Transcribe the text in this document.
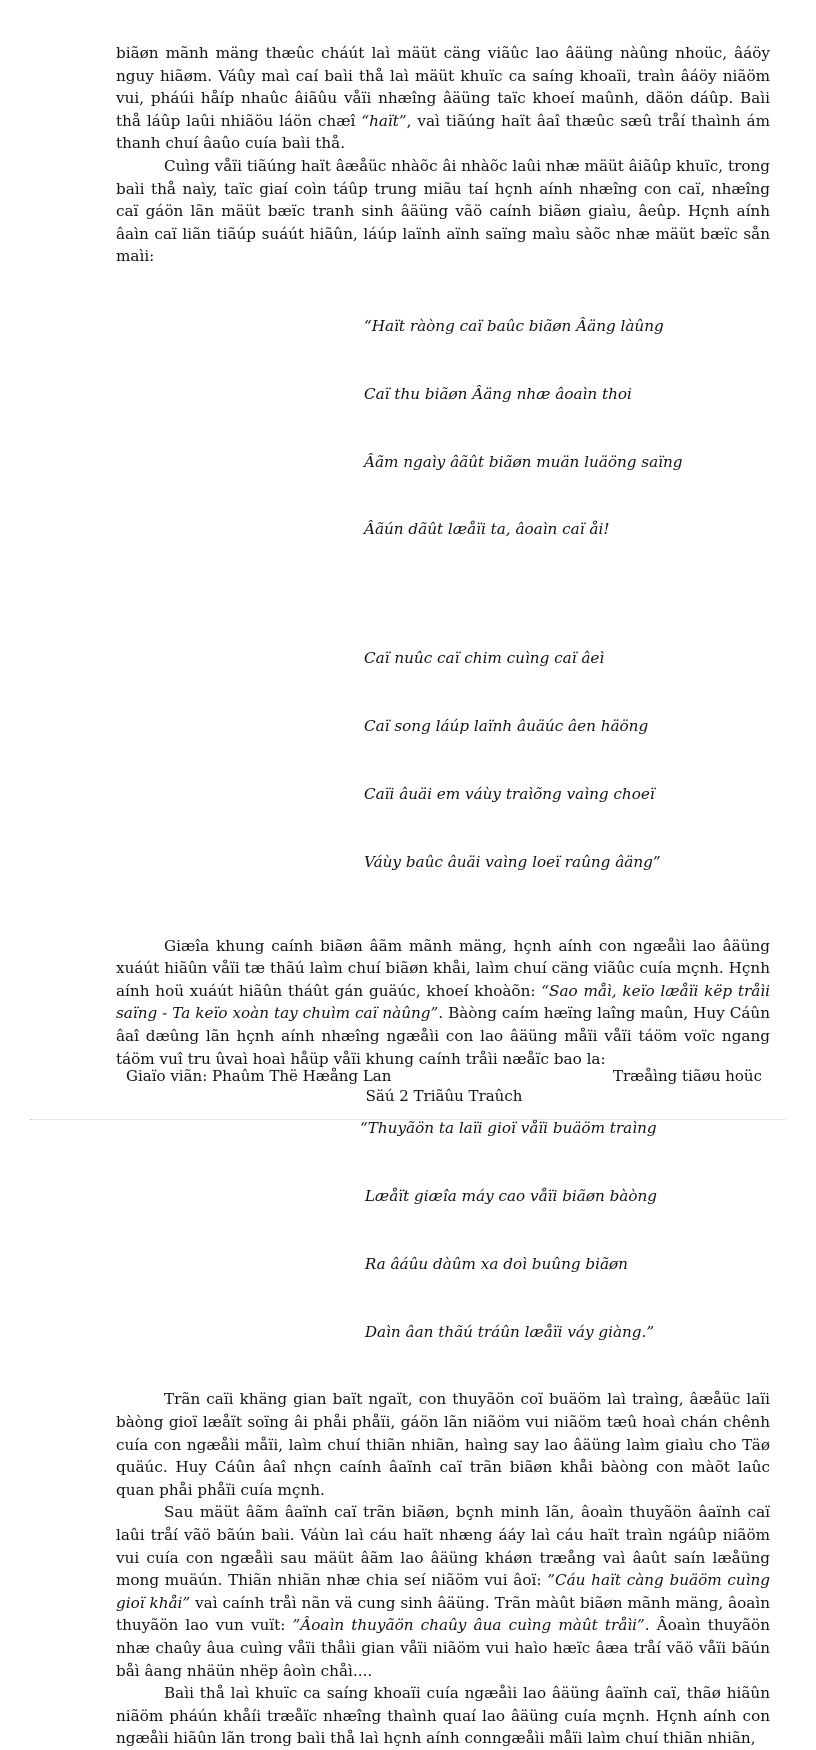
biãøn mãnh mäng thæûc cháút laì mäüt cäng viãûc lao âäüng nàûng nhoüc, âáöy nguy hiãøm. Váûy maì caí baìi thå laì mäüt khuïc ca saíng khoaïi, traìn âáöy niãöm vui, pháúi håíp nhaûc âiãûu våïi nhæîng âäüng taïc khoeí maûnh, dãön dáûp. Baìi thå láûp laûi nhiãöu láön chæî “haït”, vaì tiãúng haït âaî thæûc sæû tråí thaình ám thanh chuí âaûo cuía baìi thå.

Cuìng våïi tiãúng haït âæåüc nhàõc âi nhàõc laûi nhæ mäüt âiãûp khuïc, trong baìi thå naìy, taïc giaí coìn táûp trung miãu taí hçnh aính nhæîng con caï, nhæîng caï gáön lãn mäüt bæïc tranh sinh âäüng vãö caính biãøn giaìu, âeûp. Hçnh aính âaìn caï liãn tiãúp suáút hiãûn, láúp laïnh aïnh saïng maìu sàõc nhæ mäüt bæïc sån maìi:

“Haït ràòng caï baûc biãøn Âäng làûng

Caï thu biãøn Âäng nhæ âoaìn thoi

Âãm ngaìy âãût biãøn muän luäöng saïng

Âãún dãût læåïi ta, âoaìn caï åi!

Caï nuûc caï chim cuìng caï âeì

Caï song láúp laïnh âuäúc âen häöng

Caïi âuäi em váùy traìõng vaìng choeï

Váùy baûc âuäi vaìng loeï raûng âäng”

Giæîa khung caính biãøn âãm mãnh mäng, hçnh aính con ngæåìi lao âäüng xuáút hiãûn våïi tæ thãú laìm chuí biãøn khåi, laìm chuí cäng viãûc cuía mçnh. Hçnh aính hoü xuáút hiãûn tháût gán guäúc, khoeí khoàõn: “Sao måì, keïo læåïi këp tråìi saïng - Ta keïo xoàn tay chuìm caï nàûng”. Bàòng caím hæïng laîng maûn, Huy Cáûn âaî dæûng lãn hçnh aính nhæîng ngæåìi con lao âäüng måïi våïi táöm voïc ngang táöm vuî tru ûvaì hoaì håüp våïi khung caính tråìi næåïc bao la:

“Thuyãön ta laïi gioï våïi buäöm traìng

Læåït giæîa máy cao våïi biãøn bàòng

Ra âáûu dàûm xa doì buûng biãøn

Daìn âan thãú tráûn læåïi váy giàng.”

Trãn caïi khäng gian baït ngaït, con thuyãön coï buäöm laì traìng, âæåüc laïi bàòng gioï læåït soïng âi phåi phåïi, gáön lãn niãöm vui niãöm tæû hoaì chán chênh cuía con ngæåìi måïi, laìm chuí thiãn nhiãn, haìng say lao âäüng laìm giaìu cho Täø quäúc. Huy Cáûn âaî nhçn caính âaïnh caï trãn biãøn khåi bàòng con màõt laûc quan phåi phåïi cuía mçnh.

Sau mäüt âãm âaïnh caï trãn biãøn, bçnh minh lãn, âoaìn thuyãön âaïnh caï laûi tråí vãö bãún baìi. Váùn laì cáu haït nhæng ááy laì cáu haït traìn ngáûp niãöm vui cuía con ngæåìi sau mäüt âãm lao âäüng kháøn træång vaì âaût saín læåüng mong muäún. Thiãn nhiãn nhæ chia seí niãöm vui âoï: ”Cáu haït càng buäöm cuìng gioï khåi” vaì caính tråì nãn vä cung sinh âäüng. Trãn màût biãøn mãnh mäng, âoaìn thuyãön lao vun vuït: ”Âoaìn thuyãön chaûy âua cuìng màût tråìi”. Âoaìn thuyãön nhæ chaûy âua cuìng våïi thåìi gian våïi niãöm vui haìo hæïc âæa tråí vãö våïi bãún båì âang nhäün nhëp âoìn chåì....

Baìi thå laì khuïc ca saíng khoaïi cuía ngæåìi lao âäüng âaïnh caï, thãø hiãûn niãöm pháún khåíi træåïc nhæîng thaình quaí lao âäüng cuía mçnh. Hçnh aính con ngæåìi hiãûn lãn trong baìi thå laì hçnh aính conngæåìi måïi laìm chuí thiãn nhiãn,

Giaïo viãn: Phaûm Thë Hæång Lan	Træåìng tiãøu hoüc
Säú 2 Triãûu Traûch
